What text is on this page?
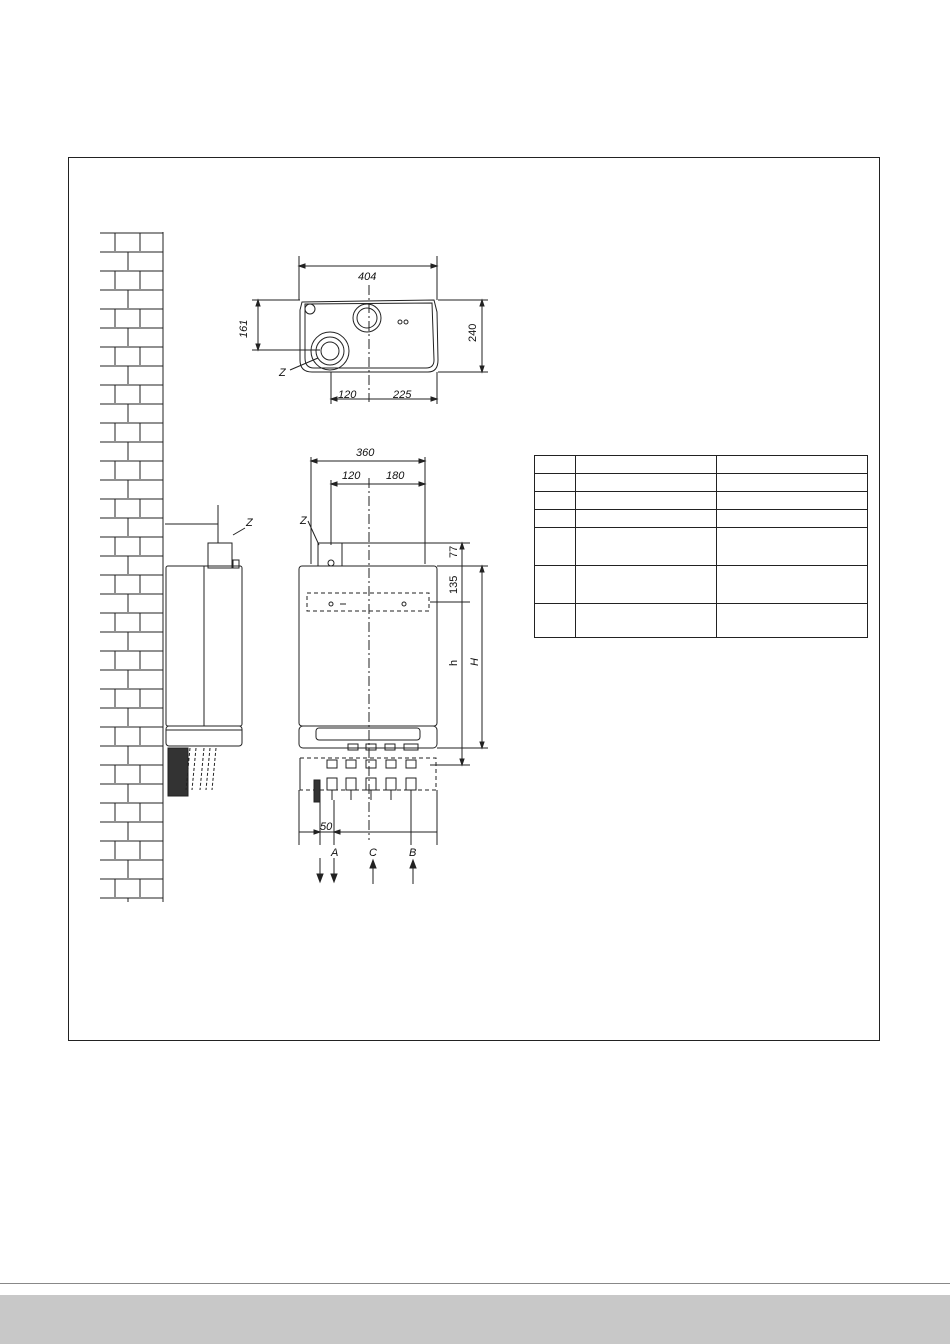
404
240
161
120	225
Z
Z
360
120 180
Z
77
135
h H
50
A	C	B
